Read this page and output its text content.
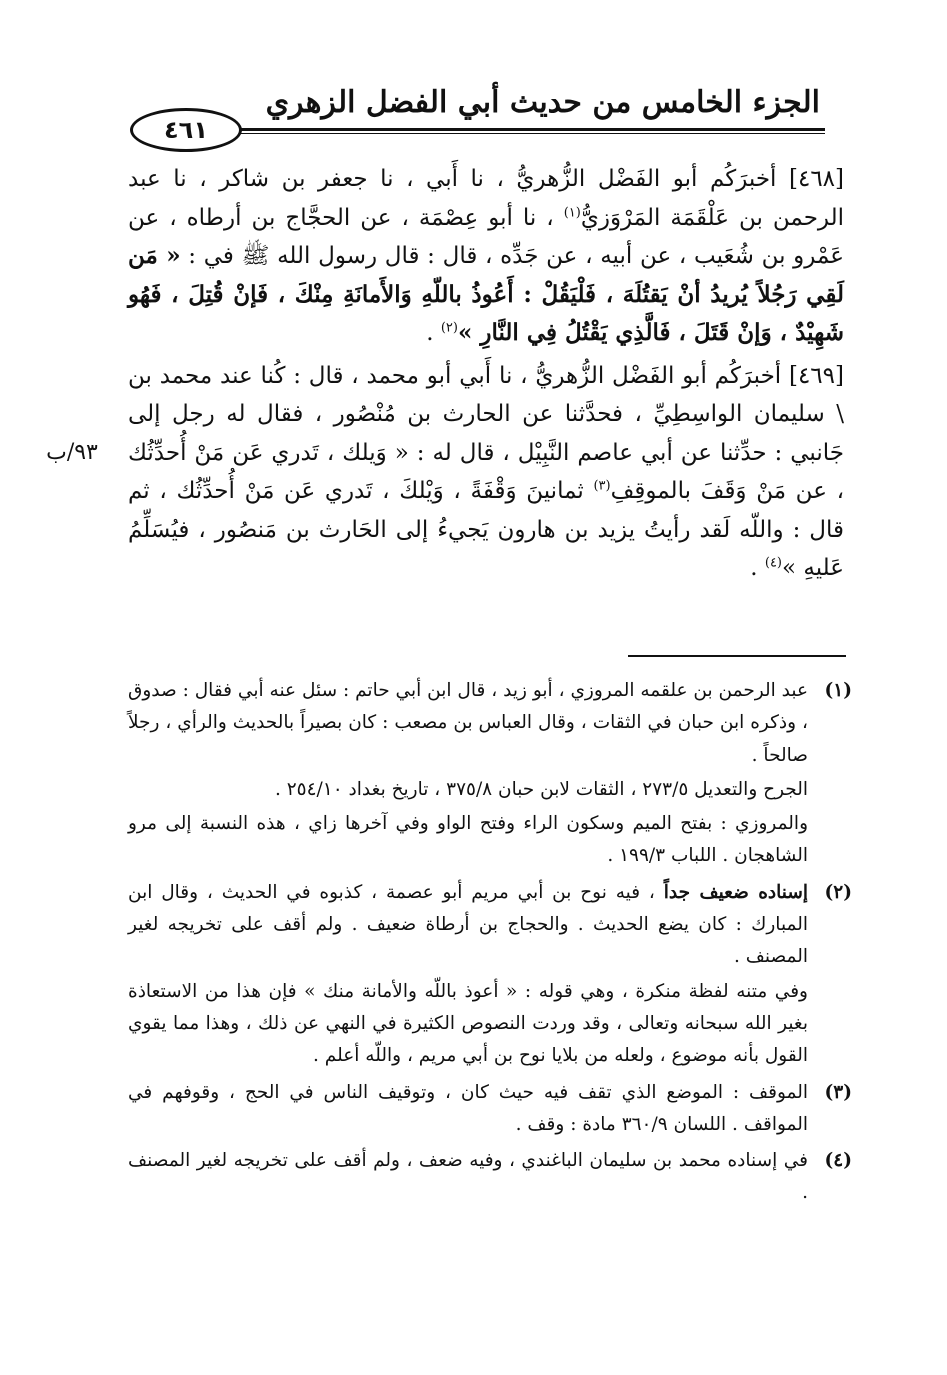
الجزء الخامس من حديث أبي الفضل الزهري
٤٦١
٩٣/ب

[٤٦٨] أخبرَكُم أبو الفَضْل الزُّهريُّ ، نا أَبي ، نا جعفر بن شاكر ، نا عبد الرحمن بن عَلْقَمَة المَرْوَزيُّ$^{(١)}$ ، نا أبو عِصْمَة ، عن الحجَّاج بن أرطاه ، عن عَمْرو بن شُعَيب ، عن أبيه ، عن جَدِّه ، قال : قال رسول الله ﷺ في : « مَن لَقِي رَجُلاً يُريدُ أنْ يَقتُلَهَ ، فَلْيَقُلْ : أَعُوذُ باللّهِ وَالأَمانَةِ مِنْكَ ، فَإنْ قُتِلَ ، فَهُو شَهِيْدٌ ، وَإنْ قَتَلَ ، فَالَّذِي يَقْتُلُ فِي النَّارِ »$^{(٢)}$ .

[٤٦٩] أخبرَكُم أبو الفَضْل الزُّهريُّ ، نا أَبي أبو محمد ، قال : كُنا عند محمد بن \ سليمان الواسِطِيِّ ، فحدَّثنا عن الحارث بن مُنْصُور ، فقال له رجل إلى جَانبي : حدِّثنا عن أبي عاصم النَّبِيْل ، قال له : « وَيلك ، تَدري عَن مَنْ أُحدِّثُك ، عن مَنْ وَقَفَ بالموقِفِ$^{(٣)}$ ثمانينَ وَقْفَةً ، وَيْلكَ ، تَدري عَن مَنْ أُحدِّثُك ، ثم قال : واللّه لَقد رأيتُ يزيد بن هارون يَجيءُ إلى الحَارث بن مَنصُور ، فيُسَلِّمُ عَليهِ »$^{(٤)}$ .

(١)

عبد الرحمن بن علقمه المروزي ، أبو زيد ، قال ابن أبي حاتم : سئل عنه أبي فقال : صدوق ، وذكره ابن حبان في الثقات ، وقال العباس بن مصعب : كان بصيراً بالحديث والرأي ، رجلاً صالحاً .

الجرح والتعديل ٢٧٣/٥ ، الثقات لابن حبان ٣٧٥/٨ ، تاريخ بغداد ٢٥٤/١٠ .

والمروزي : بفتح الميم وسكون الراء وفتح الواو وفي آخرها زاي ، هذه النسبة إلى مرو الشاهجان . اللباب ١٩٩/٣ .

(٢)

إسناده ضعيف جداً ، فيه نوح بن أبي مريم أبو عصمة ، كذبوه في الحديث ، وقال ابن المبارك : كان يضع الحديث . والحجاج بن أرطاة ضعيف . ولم أقف على تخريجه لغير المصنف .

وفي متنه لفظة منكرة ، وهي قوله : « أعوذ باللّه والأمانة منك » فإن هذا من الاستعاذة بغير الله سبحانه وتعالى ، وقد وردت النصوص الكثيرة في النهي عن ذلك ، وهذا مما يقوي القول بأنه موضوع ، ولعله من بلايا نوح بن أبي مريم ، واللّه أعلم .

(٣)

الموقف : الموضع الذي تقف فيه حيث كان ، وتوقيف الناس في الحج ، وقوفهم في المواقف . اللسان ٣٦٠/٩ مادة : وقف .

(٤)

في إسناده محمد بن سليمان الباغندي ، وفيه ضعف ، ولم أقف على تخريجه لغير المصنف .
